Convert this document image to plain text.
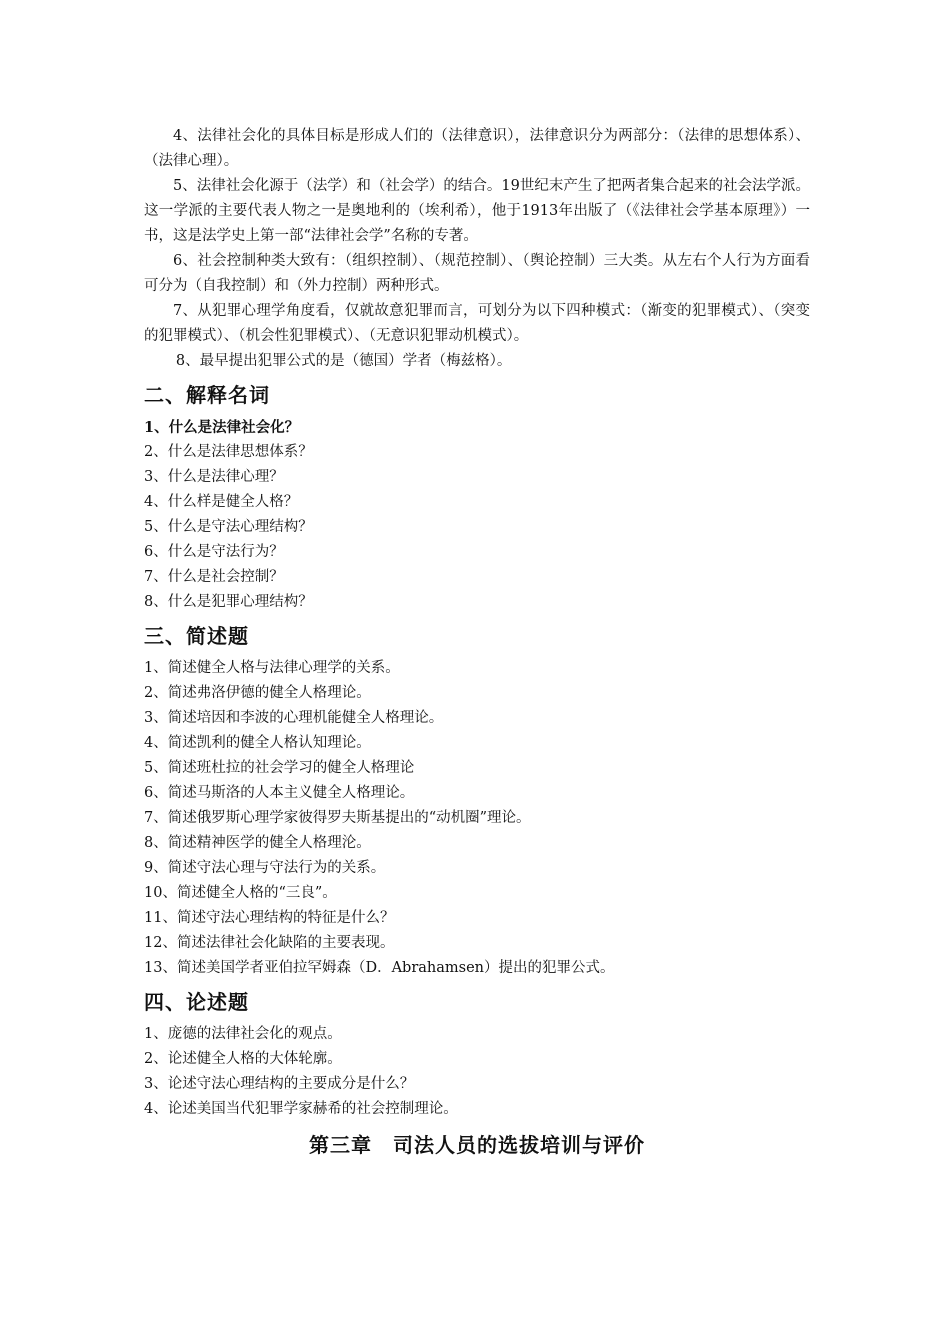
4、法律社会化的具体目标是形成人们的（法律意识），法律意识分为两部分：（法律的思想体系）、（法律心理）。

5、法律社会化源于（法学）和（社会学）的结合。19世纪末产生了把两者集合起来的社会法学派。这一学派的主要代表人物之一是奥地利的（埃利希），他于1913年出版了（《法律社会学基本原理》）一书，这是法学史上第一部“法律社会学”名称的专著。

6、社会控制种类大致有：（组织控制）、（规范控制）、（舆论控制）三大类。从左右个人行为方面看可分为（自我控制）和（外力控制）两种形式。

7、从犯罪心理学角度看，仅就故意犯罪而言，可划分为以下四种模式：（渐变的犯罪模式）、（突变的犯罪模式）、（机会性犯罪模式）、（无意识犯罪动机模式）。

8、最早提出犯罪公式的是（德国）学者（梅兹格）。

二、解释名词
1、什么是法律社会化？
2、什么是法律思想体系？
3、什么是法律心理？
4、什么样是健全人格？
5、什么是守法心理结构？
6、什么是守法行为？
7、什么是社会控制？
8、什么是犯罪心理结构？
三、简述题
1、简述健全人格与法律心理学的关系。
2、简述弗洛伊德的健全人格理论。
3、简述培因和李波的心理机能健全人格理论。
4、简述凯利的健全人格认知理论。
5、简述班杜拉的社会学习的健全人格理论
6、简述马斯洛的人本主义健全人格理论。
7、简述俄罗斯心理学家彼得罗夫斯基提出的“动机圈”理论。
8、简述精神医学的健全人格理沦。
9、简述守法心理与守法行为的关系。
10、简述健全人格的“三良”。
11、简述守法心理结构的特征是什么？
12、简述法律社会化缺陷的主要表现。
13、简述美国学者亚伯拉罕姆森（D．Abrahamsen）提出的犯罪公式。
四、论述题
1、庞德的法律社会化的观点。
2、论述健全人格的大体轮廓。
3、论述守法心理结构的主要成分是什么？
4、论述美国当代犯罪学家赫希的社会控制理论。
第三章　司法人员的选拔培训与评价
